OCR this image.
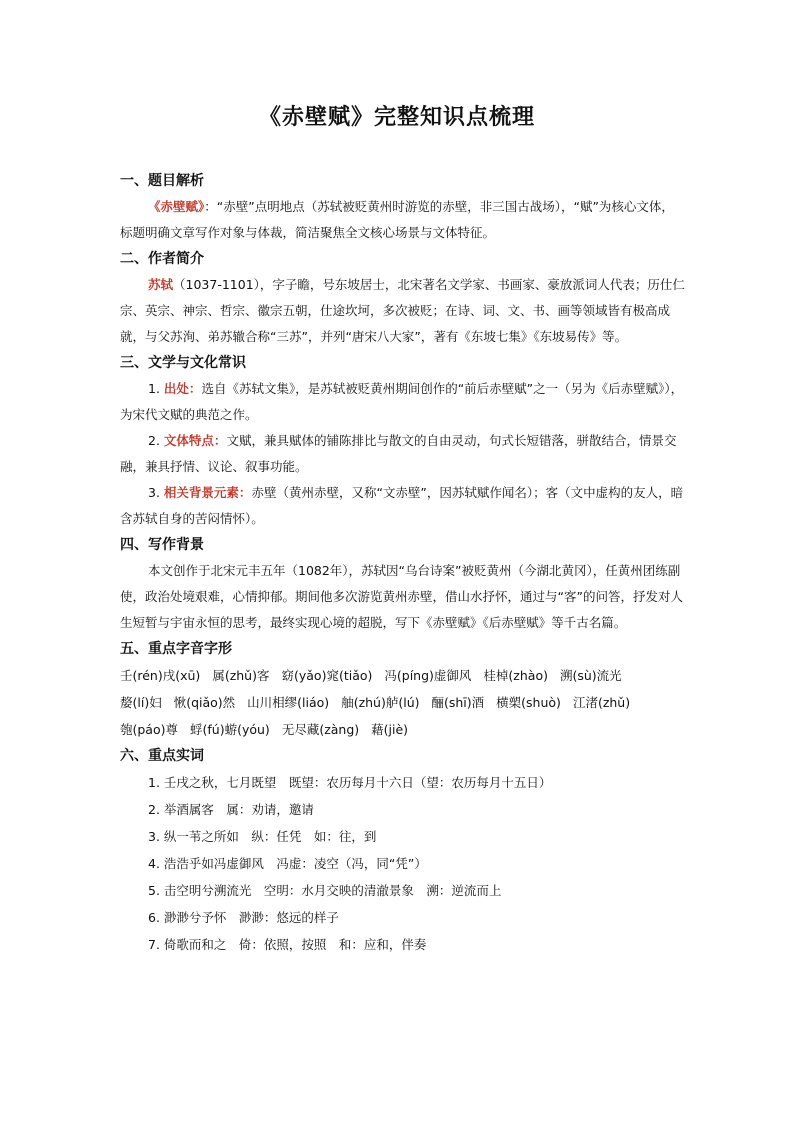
《赤壁赋》完整知识点梳理
一、题目解析

《赤壁赋》：“赤壁”点明地点（苏轼被贬黄州时游览的赤壁，非三国古战场），“赋”为核心文体，标题明确文章写作对象与体裁，简洁聚焦全文核心场景与文体特征。

二、作者简介

苏轼（1037-1101），字子瞻，号东坡居士，北宋著名文学家、书画家、豪放派词人代表；历仕仁宗、英宗、神宗、哲宗、徽宗五朝，仕途坎坷，多次被贬；在诗、词、文、书、画等领域皆有极高成就，与父苏洵、弟苏辙合称“三苏”，并列“唐宋八大家”，著有《东坡七集》《东坡易传》等。

三、文学与文化常识

1. 出处：选自《苏轼文集》，是苏轼被贬黄州期间创作的“前后赤壁赋”之一（另为《后赤壁赋》），为宋代文赋的典范之作。

2. 文体特点：文赋，兼具赋体的铺陈排比与散文的自由灵动，句式长短错落，骈散结合，情景交融，兼具抒情、议论、叙事功能。

3. 相关背景元素：赤壁（黄州赤壁，又称“文赤壁”，因苏轼赋作闻名）；客（文中虚构的友人，暗含苏轼自身的苦闷情怀）。

四、写作背景

本文创作于北宋元丰五年（1082年），苏轼因“乌台诗案”被贬黄州（今湖北黄冈），任黄州团练副使，政治处境艰难，心情抑郁。期间他多次游览黄州赤壁，借山水抒怀，通过与“客”的问答，抒发对人生短暂与宇宙永恒的思考，最终实现心境的超脱，写下《赤壁赋》《后赤壁赋》等千古名篇。

五、重点字音字形

壬(rén)戌(xū) 属(zhǔ)客 窈(yǎo)窕(tiǎo) 冯(píng)虚御风 桂棹(zhào) 溯(sù)流光嫠(lí)妇 愀(qiǎo)然 山川相缪(liáo) 舳(zhú)舻(lú) 酾(shī)酒 横槊(shuò) 江渚(zhǔ)匏(páo)尊 蜉(fú)蝣(yóu) 无尽藏(zàng) 藉(jiè)

六、重点实词

1. 壬戌之秋，七月既望　既望：农历每月十六日（望：农历每月十五日）

2. 举酒属客　属：劝请，邀请

3. 纵一苇之所如　纵：任凭　如：往，到

4. 浩浩乎如冯虚御风　冯虚：凌空（冯，同“凭”）

5. 击空明兮溯流光　空明：水月交映的清澈景象　溯：逆流而上

6. 渺渺兮予怀　渺渺：悠远的样子

7. 倚歌而和之　倚：依照，按照　和：应和，伴奏
